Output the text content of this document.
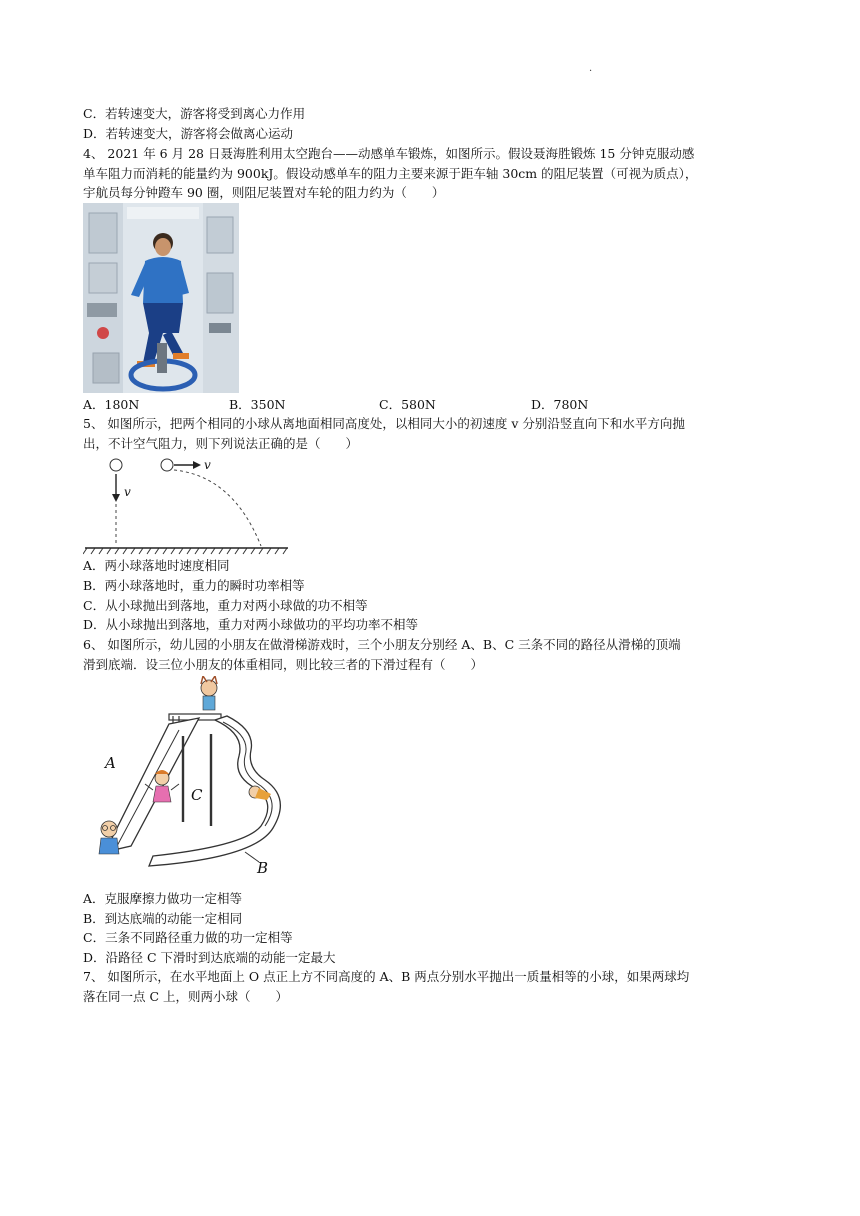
·
C．若转速变大，游客将受到离心力作用
D．若转速变大，游客将会做离心运动
4、 2021 年 6 月 28 日聂海胜利用太空跑台——动感单车锻炼，如图所示。假设聂海胜锻炼 15 分钟克服动感
单车阻力而消耗的能量约为 900kJ。假设动感单车的阻力主要来源于距车轴 30cm 的阻尼装置（可视为质点），
宇航员每分钟蹬车 90 圈，则阻尼装置对车轮的阻力约为（　　）
A．180N	B．350N	C．580N	D．780N
5、 如图所示，把两个相同的小球从离地面相同高度处，以相同大小的初速度 v 分别沿竖直向下和水平方向抛
出，不计空气阻力，则下列说法正确的是（　　）
v
v
A．两小球落地时速度相同
B．两小球落地时，重力的瞬时功率相等
C．从小球抛出到落地，重力对两小球做的功不相等
D．从小球抛出到落地，重力对两小球做功的平均功率不相等
6、 如图所示，幼儿园的小朋友在做滑梯游戏时，三个小朋友分别经 A、B、C 三条不同的路径从滑梯的顶端
滑到底端．设三位小朋友的体重相同，则比较三者的下滑过程有（　　）
A
C
B
A．克服摩擦力做功一定相等
B．到达底端的动能一定相同
C．三条不同路径重力做的功一定相等
D．沿路径 C 下滑时到达底端的动能一定最大
7、 如图所示，在水平地面上 O 点正上方不同高度的 A、B 两点分别水平抛出一质量相等的小球，如果两球均
落在同一点 C 上，则两小球（　　）
